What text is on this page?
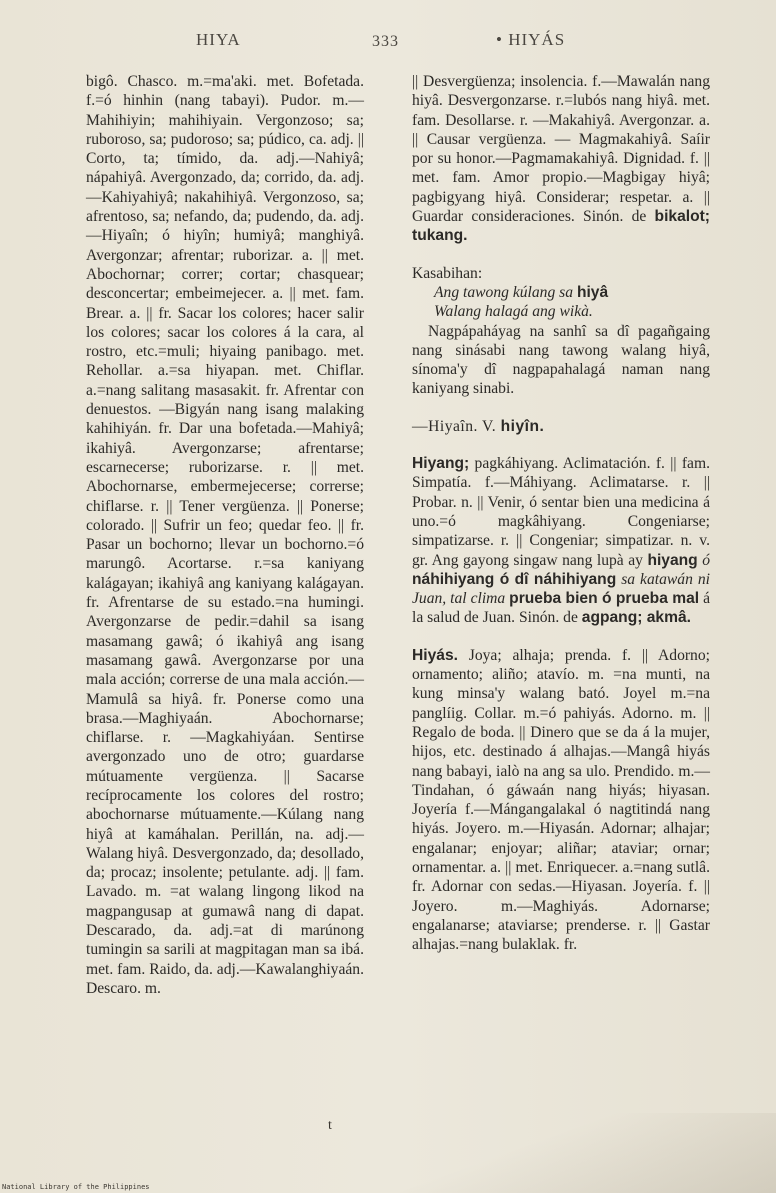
HIYA	333	• HIYÁS

bigô. Chasco. m.=ma'aki. met. Bofetada. f.=ó hinhin (nang tabayi). Pudor. m.—Mahihiyin; mahihiyain. Vergonzoso; sa; ruboroso, sa; pudoroso; sa; púdico, ca. adj. || Corto, ta; tímido, da. adj.—Nahiyâ; nápahiyâ. Avergonzado, da; corrido, da. adj.—Kahiyahiyâ; nakahihiyâ. Vergonzoso, sa; afrentoso, sa; nefando, da; pudendo, da. adj.—Hiyaîn; ó hiyîn; humiyâ; manghiyâ. Avergonzar; afrentar; ruborizar. a. || met. Abochornar; correr; cortar; chasquear; desconcertar; embeimejecer. a. || met. fam. Brear. a. || fr. Sacar los colores; hacer salir los colores; sacar los colores á la cara, al rostro, etc.=muli; hiyaing panibago. met. Rehollar. a.=sa hiyapan. met. Chiflar. a.=nang salitang masasakit. fr. Afrentar con denuestos. —Bigyán nang isang malaking kahihiyán. fr. Dar una bofetada.—Mahiyâ; ikahiyâ. Avergonzarse; afrentarse; escarnecerse; ruborizarse. r. || met. Abochornarse, embermejecerse; correrse; chiflarse. r. || Tener vergüenza. || Ponerse; colorado. || Sufrir un feo; quedar feo. || fr. Pasar un bochorno; llevar un bochorno.=ó marungô. Acortarse. r.=sa kaniyang kalágayan; ikahiyâ ang kaniyang kalágayan. fr. Afrentarse de su estado.=na humingi. Avergonzarse de pedir.=dahil sa isang masamang gawâ; ó ikahiyâ ang isang masamang gawâ. Avergonzarse por una mala acción; correrse de una mala acción.—Mamulâ sa hiyâ. fr. Ponerse como una brasa.—Maghiyaán. Abochornarse; chiflarse. r. —Magkahiyáan. Sentirse avergonzado uno de otro; guardarse mútuamente vergüenza. || Sacarse recíprocamente los colores del rostro; abochornarse mútuamente.—Kúlang nang hiyâ at kamáhalan. Perillán, na. adj.—Walang hiyâ. Desvergonzado, da; desollado, da; procaz; insolente; petulante. adj. || fam. Lavado. m. =at walang lingong likod na magpangusap at gumawâ nang di dapat. Descarado, da. adj.=at di marúnong tumingin sa sarili at magpitagan man sa ibá. met. fam. Raido, da. adj.—Kawalanghiyaán. Descaro. m.

|| Desvergüenza; insolencia. f.—Mawalán nang hiyâ. Desvergonzarse. r.=lubós nang hiyâ. met. fam. Desollarse. r. —Makahiyâ. Avergonzar. a. || Causar vergüenza. — Magmakahiyâ. Saíir por su honor.—Pagmamakahiyâ. Dignidad. f. || met. fam. Amor propio.—Magbigay hiyâ; pagbigyang hiyâ. Considerar; respetar. a. || Guardar consideraciones. Sinón. de bikalot; tukang.

Kasabihan:

Ang tawong kúlang sa hiyâ

Walang halagá ang wikà.

Nagpápaháyag na sanhî sa dî pagañgaing nang sinásabi nang tawong walang hiyâ, sínoma'y dî nagpapahalagá naman nang kaniyang sinabi.

—Hiyaîn. V. hiyîn.

Hiyang; pagkáhiyang. Aclimatación. f. || fam. Simpatía. f.—Máhiyang. Aclimatarse. r. || Probar. n. || Venir, ó sentar bien una medicina á uno.=ó magkâhiyang. Congeniarse; simpatizarse. r. || Congeniar; simpatizar. n. v. gr. Ang gayong singaw nang lupà ay hiyang ó náhihiyang ó dî náhihiyang sa katawán ni Juan, tal clima prueba bien ó prueba mal á la salud de Juan. Sinón. de agpang; akmâ.

Hiyás. Joya; alhaja; prenda. f. || Adorno; ornamento; aliño; atavío. m. =na munti, na kung minsa'y walang bató. Joyel m.=na panglíig. Collar. m.=ó pahiyás. Adorno. m. || Regalo de boda. || Dinero que se da á la mujer, hijos, etc. destinado á alhajas.—Mangâ hiyás nang babayi, ialò na ang sa ulo. Prendido. m.—Tindahan, ó gáwaán nang hiyás; hiyasan. Joyería f.—Mángangalakal ó nagtitindá nang hiyás. Joyero. m.—Hiyasán. Adornar; alhajar; engalanar; enjoyar; aliñar; ataviar; ornar; ornamentar. a. || met. Enriquecer. a.=nang sutlâ. fr. Adornar con sedas.—Hiyasan. Joyería. f. || Joyero. m.—Maghiyás. Adornarse; engalanarse; ataviarse; prenderse. r. || Gastar alhajas.=nang bulaklak. fr.

t
National Library of the Philippines
